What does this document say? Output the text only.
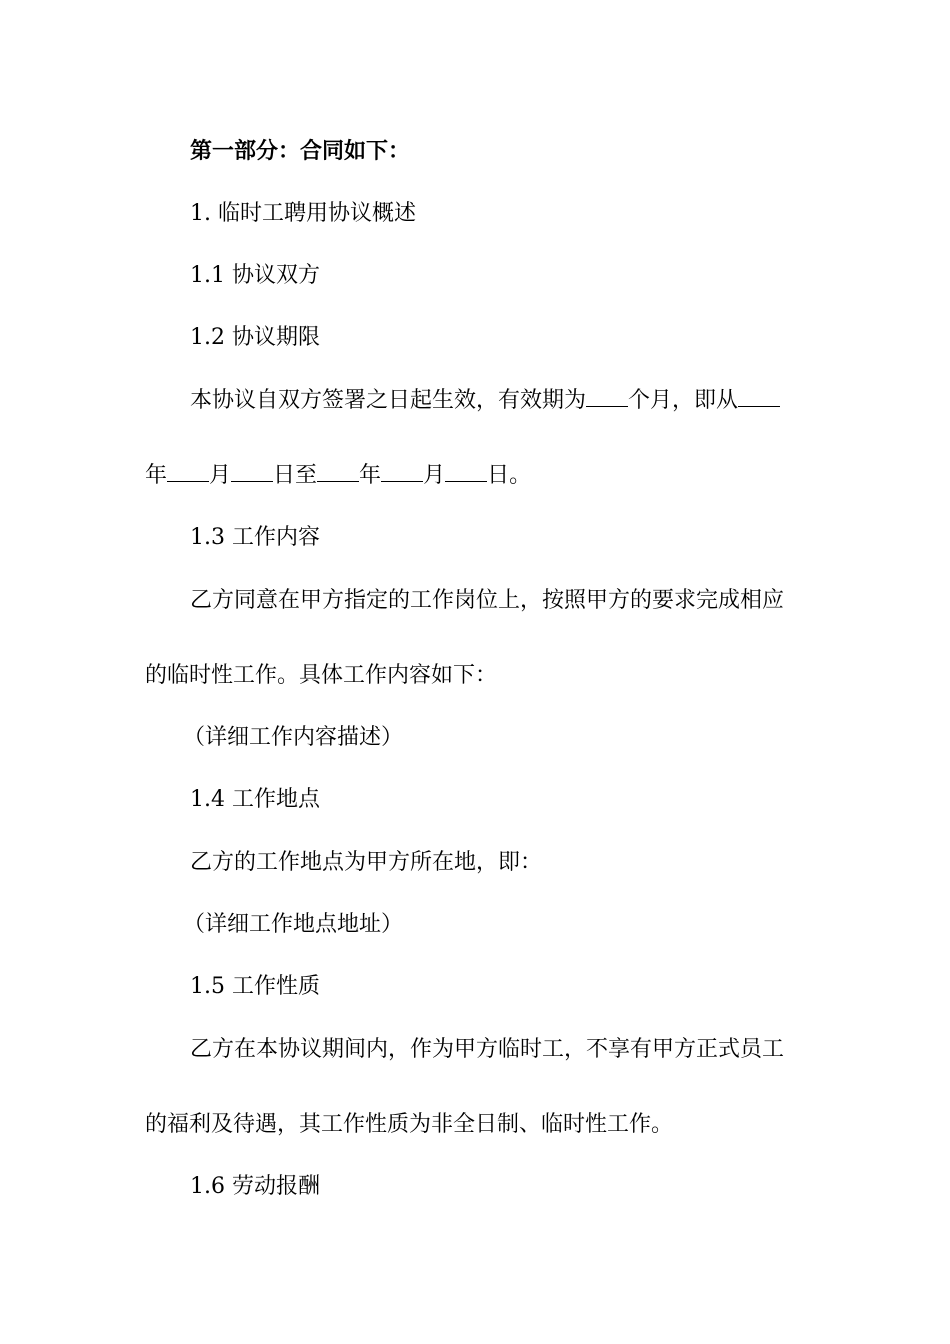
第一部分：合同如下：
1. 临时工聘用协议概述
1.1 协议双方
1.2 协议期限
本协议自双方签署之日起生效，有效期为 个月，即从
年 月 日至 年 月 日。
1.3 工作内容
乙方同意在甲方指定的工作岗位上，按照甲方的要求完成相应
的临时性工作。具体工作内容如下：
（详细工作内容描述）
1.4 工作地点
乙方的工作地点为甲方所在地，即：
（详细工作地点地址）
1.5 工作性质
乙方在本协议期间内，作为甲方临时工，不享有甲方正式员工
的福利及待遇，其工作性质为非全日制、临时性工作。
1.6 劳动报酬
